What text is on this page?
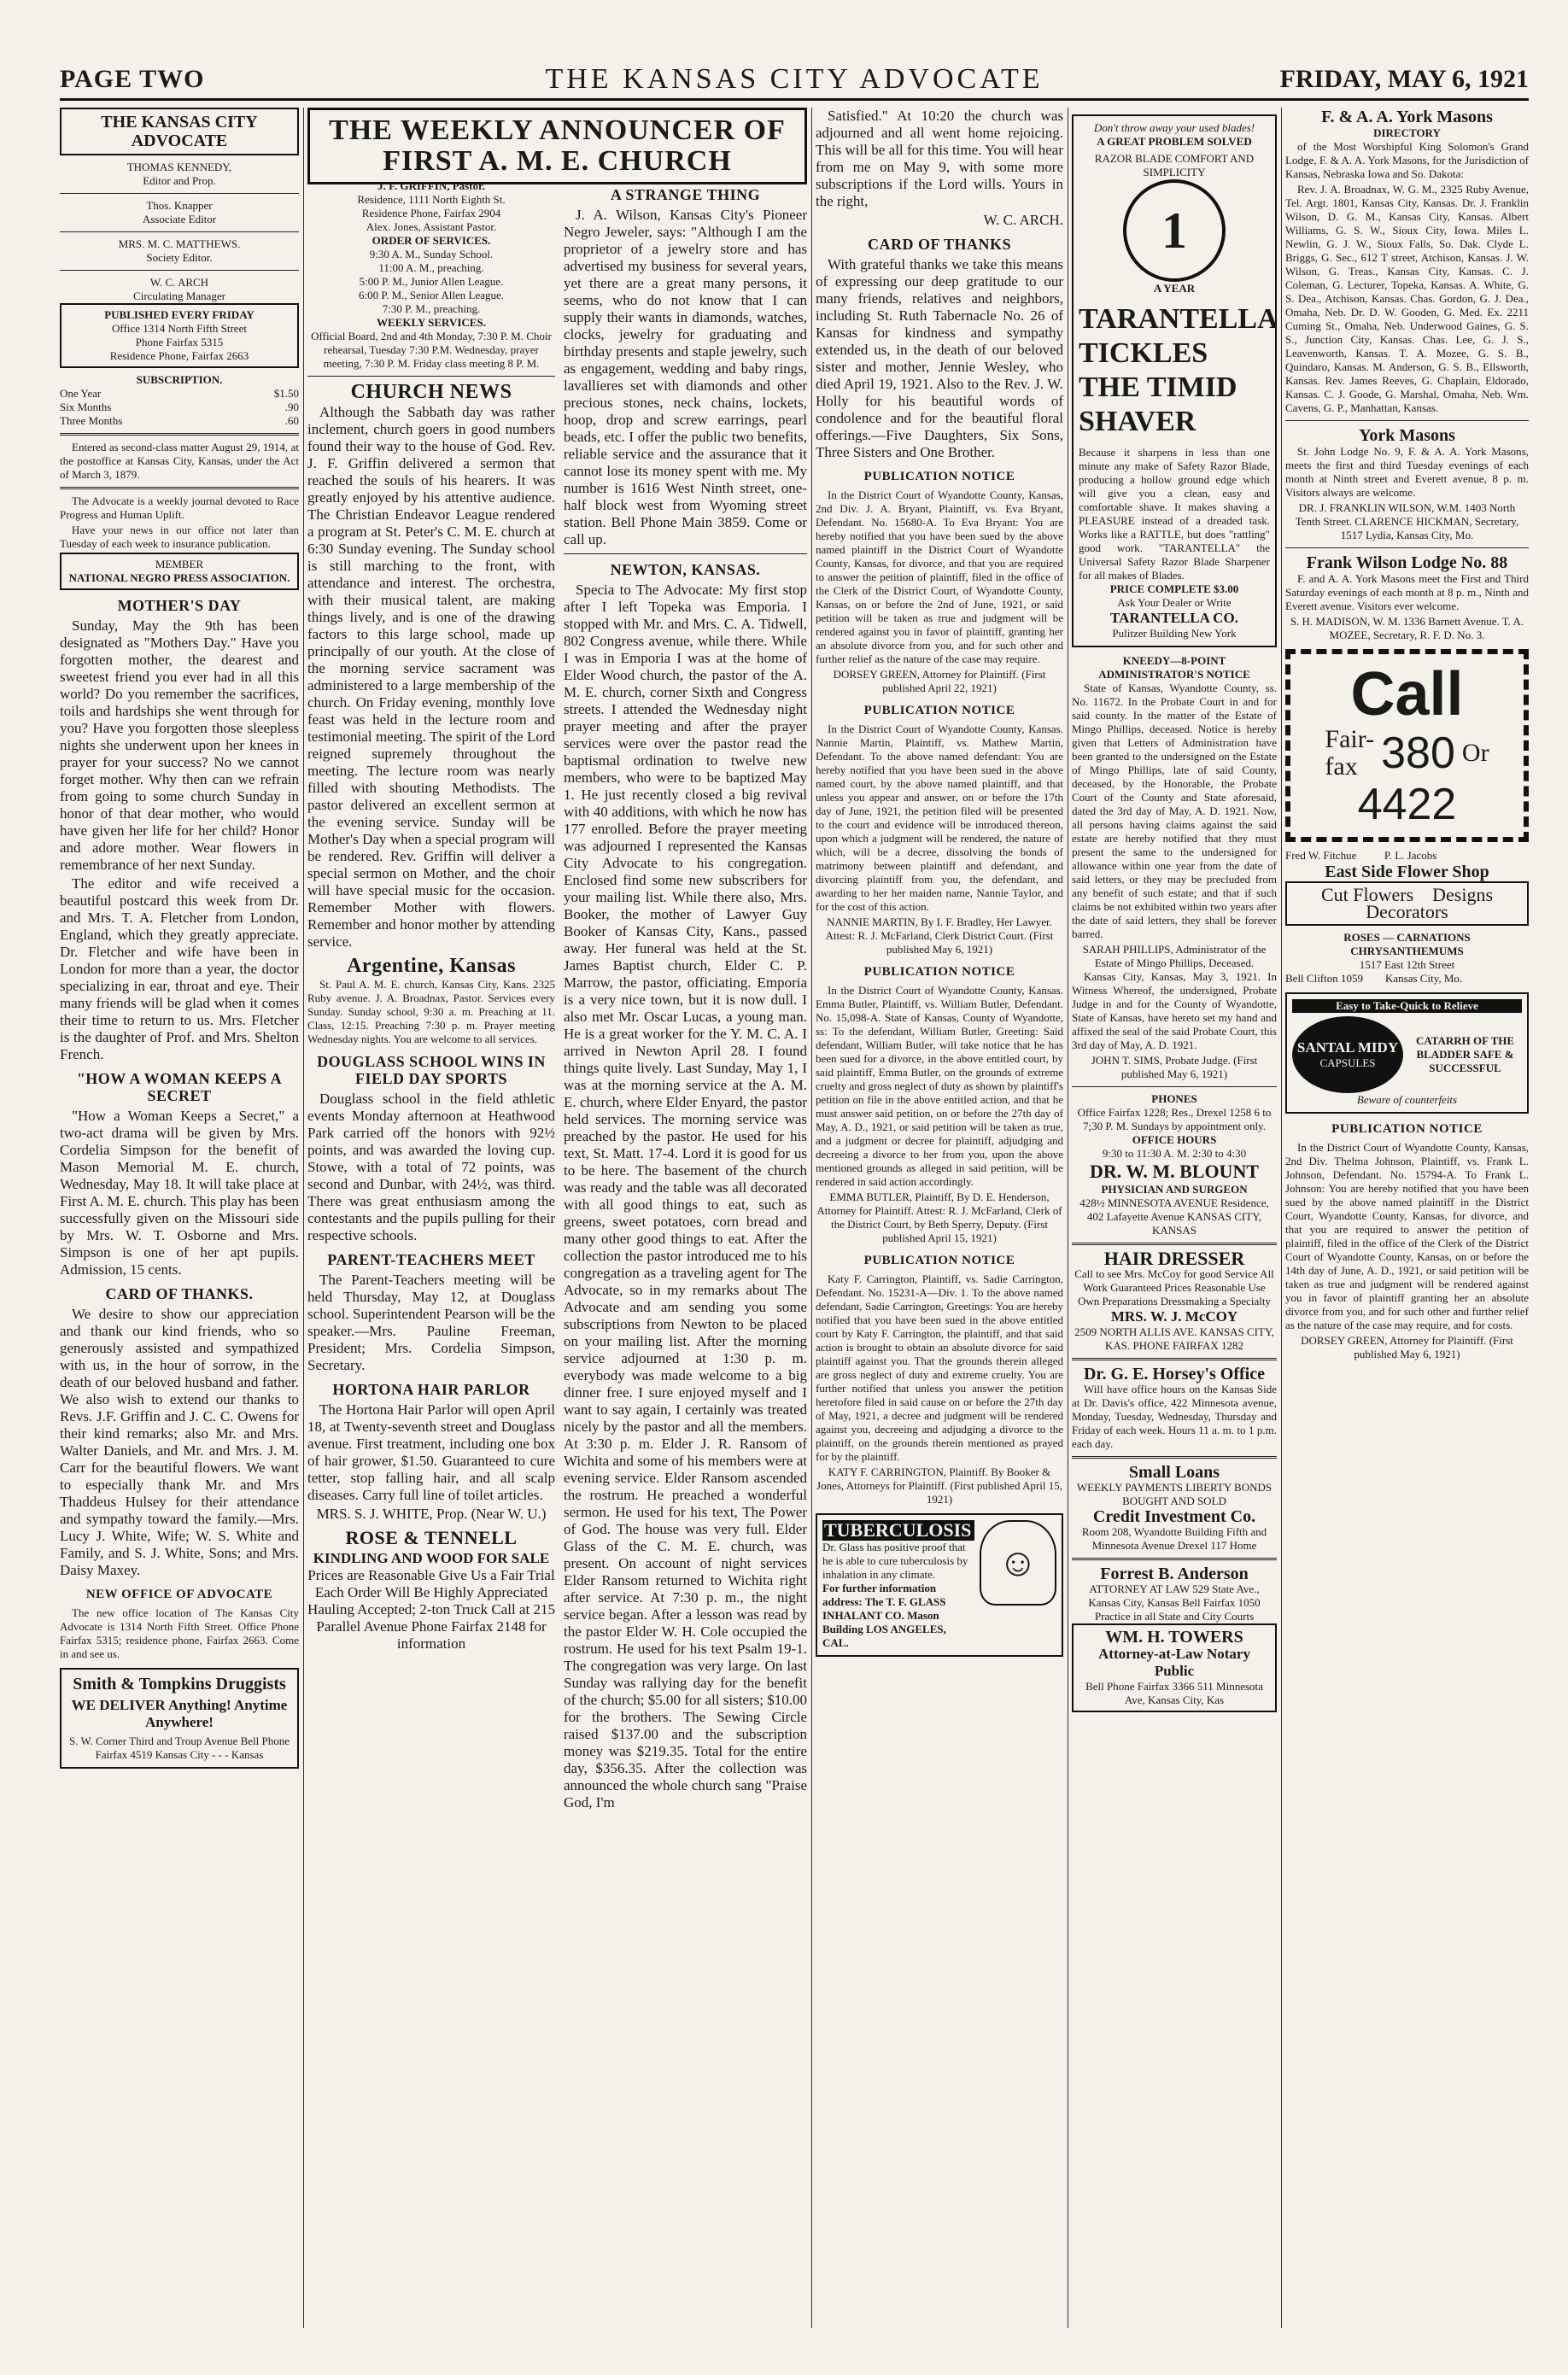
PAGE TWO	THE KANSAS CITY ADVOCATE	FRIDAY, MAY 6, 1921
THE KANSAS CITY ADVOCATE
THOMAS KENNEDY,
Editor and Prop.
Thos. Knapper
Associate Editor
MRS. M. C. MATTHEWS.
Society Editor.
W. C. ARCH
Circulating Manager
PUBLISHED EVERY FRIDAY
Office 1314 North Fifth Street
Phone Fairfax 5315
Residence Phone, Fairfax 2663
SUBSCRIPTION.
One Year	$1.50
Six Months	.90
Three Months	.60

Entered as second-class matter August 29, 1914, at the postoffice at Kansas City, Kansas, under the Act of March 3, 1879.

The Advocate is a weekly journal devoted to Race Progress and Human Uplift.

Have your news in our office not later than Tuesday of each week to insurance publication.

MEMBER
NATIONAL NEGRO PRESS ASSOCIATION.
MOTHER'S DAY

Sunday, May the 9th has been designated as "Mothers Day." Have you forgotten mother, the dearest and sweetest friend you ever had in all this world? Do you remember the sacrifices, toils and hardships she went through for you? Have you forgotten those sleepless nights she underwent upon her knees in prayer for your success? No we cannot forget mother. Why then can we refrain from going to some church Sunday in honor of that dear mother, who would have given her life for her child? Honor and adore mother. Wear flowers in remembrance of her next Sunday.

The editor and wife received a beautiful postcard this week from Dr. and Mrs. T. A. Fletcher from London, England, which they greatly appreciate. Dr. Fletcher and wife have been in London for more than a year, the doctor specializing in ear, throat and eye. Their many friends will be glad when it comes their time to return to us. Mrs. Fletcher is the daughter of Prof. and Mrs. Shelton French.

"HOW A WOMAN KEEPS A SECRET

"How a Woman Keeps a Secret," a two-act drama will be given by Mrs. Cordelia Simpson for the benefit of Mason Memorial M. E. church, Wednesday, May 18. It will take place at First A. M. E. church. This play has been successfully given on the Missouri side by Mrs. W. T. Osborne and Mrs. Simpson is one of her apt pupils. Admission, 15 cents.

CARD OF THANKS.

We desire to show our appreciation and thank our kind friends, who so generously assisted and sympathized with us, in the hour of sorrow, in the death of our beloved husband and father. We also wish to extend our thanks to Revs. J.F. Griffin and J. C. C. Owens for their kind remarks; also Mr. and Mrs. Walter Daniels, and Mr. and Mrs. J. M. Carr for the beautiful flowers. We want to especially thank Mr. and Mrs Thaddeus Hulsey for their attendance and sympathy toward the family.—Mrs. Lucy J. White, Wife; W. S. White and Family, and S. J. White, Sons; and Mrs. Daisy Maxey.

NEW OFFICE OF ADVOCATE

The new office location of The Kansas City Advocate is 1314 North Fifth Street. Office Phone Fairfax 5315; residence phone, Fairfax 2663. Come in and see us.

Smith & Tompkins Druggists
WE DELIVER Anything! Anytime Anywhere!
S. W. Corner Third and Troup Avenue Bell Phone Fairfax 4519 Kansas City - - - Kansas
THE WEEKLY ANNOUNCER OF FIRST A. M. E. CHURCH
J. F. GRIFFIN, Pastor.
Residence, 1111 North Eighth St.
Residence Phone, Fairfax 2904
Alex. Jones, Assistant Pastor.
ORDER OF SERVICES.
9:30 A. M., Sunday School.
11:00 A. M., preaching.
5:00 P. M., Junior Allen League.
6:00 P. M., Senior Allen League.
7:30 P. M., preaching.
WEEKLY SERVICES.
Official Board, 2nd and 4th Monday, 7:30 P. M. Choir rehearsal, Tuesday 7:30 P.M. Wednesday, prayer meeting, 7:30 P. M. Friday class meeting 8 P. M.
CHURCH NEWS

Although the Sabbath day was rather inclement, church goers in good numbers found their way to the house of God. Rev. J. F. Griffin delivered a sermon that reached the souls of his hearers. It was greatly enjoyed by his attentive audience. The Christian Endeavor League rendered a program at St. Peter's C. M. E. church at 6:30 Sunday evening. The Sunday school is still marching to the front, with attendance and interest. The orchestra, with their musical talent, are making things lively, and is one of the drawing factors to this large school, made up principally of our youth. At the close of the morning service sacrament was administered to a large membership of the church. On Friday evening, monthly love feast was held in the lecture room and testimonial meeting. The spirit of the Lord reigned supremely throughout the meeting. The lecture room was nearly filled with shouting Methodists. The pastor delivered an excellent sermon at the evening service. Sunday will be Mother's Day when a special program will be rendered. Rev. Griffin will deliver a special sermon on Mother, and the choir will have special music for the occasion. Remember Mother with flowers. Remember and honor mother by attending service.

Argentine, Kansas

St. Paul A. M. E. church, Kansas City, Kans. 2325 Ruby avenue. J. A. Broadnax, Pastor. Services every Sunday. Sunday school, 9:30 a. m. Preaching at 11. Class, 12:15. Preaching 7:30 p. m. Prayer meeting Wednesday nights. You are welcome to all services.

DOUGLASS SCHOOL WINS IN FIELD DAY SPORTS

Douglass school in the field athletic events Monday afternoon at Heathwood Park carried off the honors with 92½ points, and was awarded the loving cup. Stowe, with a total of 72 points, was second and Dunbar, with 24½, was third. There was great enthusiasm among the contestants and the pupils pulling for their respective schools.

PARENT-TEACHERS MEET

The Parent-Teachers meeting will be held Thursday, May 12, at Douglass school. Superintendent Pearson will be the speaker.—Mrs. Pauline Freeman, President; Mrs. Cordelia Simpson, Secretary.

HORTONA HAIR PARLOR

The Hortona Hair Parlor will open April 18, at Twenty-seventh street and Douglass avenue. First treatment, including one box of hair grower, $1.50. Guaranteed to cure tetter, stop falling hair, and all scalp diseases. Carry full line of toilet articles.

MRS. S. J. WHITE, Prop. (Near W. U.)
ROSE & TENNELL
KINDLING AND WOOD FOR SALE
Prices are Reasonable Give Us a Fair Trial Each Order Will Be Highly Appreciated Hauling Accepted; 2-ton Truck Call at 215 Parallel Avenue Phone Fairfax 2148 for information
A STRANGE THING

J. A. Wilson, Kansas City's Pioneer Negro Jeweler, says: "Although I am the proprietor of a jewelry store and has advertised my business for several years, yet there are a great many persons, it seems, who do not know that I can supply their wants in diamonds, watches, clocks, jewelry for graduating and birthday presents and staple jewelry, such as engagement, wedding and baby rings, lavallieres set with diamonds and other precious stones, neck chains, lockets, hoop, drop and screw earrings, pearl beads, etc. I offer the public two benefits, reliable service and the assurance that it cannot lose its money spent with me. My number is 1616 West Ninth street, one-half block west from Wyoming street station. Bell Phone Main 3859. Come or call up.

NEWTON, KANSAS.

Specia to The Advocate: My first stop after I left Topeka was Emporia. I stopped with Mr. and Mrs. C. A. Tidwell, 802 Congress avenue, while there. While I was in Emporia I was at the home of Elder Wood church, the pastor of the A. M. E. church, corner Sixth and Congress streets. I attended the Wednesday night prayer meeting and after the prayer services were over the pastor read the baptismal ordination to twelve new members, who were to be baptized May 1. He just recently closed a big revival with 40 additions, with which he now has 177 enrolled. Before the prayer meeting was adjourned I represented the Kansas City Advocate to his congregation. Enclosed find some new subscribers for your mailing list. While there also, Mrs. Booker, the mother of Lawyer Guy Booker of Kansas City, Kans., passed away. Her funeral was held at the St. James Baptist church, Elder C. P. Marrow, the pastor, officiating. Emporia is a very nice town, but it is now dull. I also met Mr. Oscar Lucas, a young man. He is a great worker for the Y. M. C. A. I arrived in Newton April 28. I found things quite lively. Last Sunday, May 1, I was at the morning service at the A. M. E. church, where Elder Enyard, the pastor held services. The morning service was preached by the pastor. He used for his text, St. Matt. 17-4. Lord it is good for us to be here. The basement of the church was ready and the table was all decorated with all good things to eat, such as greens, sweet potatoes, corn bread and many other good things to eat. After the collection the pastor introduced me to his congregation as a traveling agent for The Advocate, so in my remarks about The Advocate and am sending you some subscriptions from Newton to be placed on your mailing list. After the morning service adjourned at 1:30 p. m. everybody was made welcome to a big dinner free. I sure enjoyed myself and I want to say again, I certainly was treated nicely by the pastor and all the members. At 3:30 p. m. Elder J. R. Ransom of Wichita and some of his members were at evening service. Elder Ransom ascended the rostrum. He preached a wonderful sermon. He used for his text, The Power of God. The house was very full. Elder Glass of the C. M. E. church, was present. On account of night services Elder Ransom returned to Wichita right after service. At 7:30 p. m., the night service began. After a lesson was read by the pastor Elder W. H. Cole occupied the rostrum. He used for his text Psalm 19-1. The congregation was very large. On last Sunday was rallying day for the benefit of the church; $5.00 for all sisters; $10.00 for the brothers. The Sewing Circle raised $137.00 and the subscription money was $219.35. Total for the entire day, $356.35. After the collection was announced the whole church sang "Praise God, I'm

Satisfied." At 10:20 the church was adjourned and all went home rejoicing. This will be all for this time. You will hear from me on May 9, with some more subscriptions if the Lord wills. Yours in the right,

W. C. ARCH.
CARD OF THANKS

With grateful thanks we take this means of expressing our deep gratitude to our many friends, relatives and neighbors, including St. Ruth Tabernacle No. 26 of Kansas for kindness and sympathy extended us, in the death of our beloved sister and mother, Jennie Wesley, who died April 19, 1921. Also to the Rev. J. W. Holly for his beautiful words of condolence and for the beautiful floral offerings.—Five Daughters, Six Sons, Three Sisters and One Brother.

PUBLICATION NOTICE

In the District Court of Wyandotte County, Kansas, 2nd Div. J. A. Bryant, Plaintiff, vs. Eva Bryant, Defendant. No. 15680-A. To Eva Bryant: You are hereby notified that you have been sued by the above named plaintiff in the District Court of Wyandotte County, Kansas, for divorce, and that you are required to answer the petition of plaintiff, filed in the office of the Clerk of the District Court, of Wyandotte County, Kansas, on or before the 2nd of June, 1921, or said petition will be taken as true and judgment will be rendered against you in favor of plaintiff, granting her an absolute divorce from you, and for such other and further relief as the nature of the case may require.

DORSEY GREEN, Attorney for Plaintiff. (First published April 22, 1921)
PUBLICATION NOTICE

In the District Court of Wyandotte County, Kansas. Nannie Martin, Plaintiff, vs. Mathew Martin, Defendant. To the above named defendant: You are hereby notified that you have been sued in the above named court, by the above named plaintiff, and that unless you appear and answer, on or before the 17th day of June, 1921, the petition filed will be presented to the court and evidence will be introduced thereon, upon which a judgment will be rendered, the nature of which, will be a decree, dissolving the bonds of matrimony between plaintiff and defendant, and divorcing plaintiff from you, the defendant, and awarding to her her maiden name, Nannie Taylor, and for the cost of this action.

NANNIE MARTIN, By I. F. Bradley, Her Lawyer. Attest: R. J. McFarland, Clerk District Court. (First published May 6, 1921)
PUBLICATION NOTICE

In the District Court of Wyandotte County, Kansas. Emma Butler, Plaintiff, vs. William Butler, Defendant. No. 15,098-A. State of Kansas, County of Wyandotte, ss: To the defendant, William Butler, Greeting: Said defendant, William Butler, will take notice that he has been sued for a divorce, in the above entitled court, by said plaintiff, Emma Butler, on the grounds of extreme cruelty and gross neglect of duty as shown by plaintiff's petition on file in the above entitled action, and that he must answer said petition, on or before the 27th day of May, A. D., 1921, or said petition will be taken as true, and a judgment or decree for plaintiff, adjudging and decreeing a divorce to her from you, upon the above mentioned grounds as alleged in said petition, will be rendered in said action accordingly.

EMMA BUTLER, Plaintiff, By D. E. Henderson, Attorney for Plaintiff. Attest: R. J. McFarland, Clerk of the District Court, by Beth Sperry, Deputy. (First published April 15, 1921)
PUBLICATION NOTICE

Katy F. Carrington, Plaintiff, vs. Sadie Carrington, Defendant. No. 15231-A—Div. 1. To the above named defendant, Sadie Carrington, Greetings: You are hereby notified that you have been sued in the above entitled court by Katy F. Carrington, the plaintiff, and that said action is brought to obtain an absolute divorce for said plaintiff against you. That the grounds therein alleged are gross neglect of duty and extreme cruelty. You are further notified that unless you answer the petition heretofore filed in said cause on or before the 27th day of May, 1921, a decree and judgment will be rendered against you, decreeing and adjudging a divorce to the plaintiff, on the grounds therein mentioned as prayed for by the plaintiff.

KATY F. CARRINGTON, Plaintiff. By Booker & Jones, Attorneys for Plaintiff. (First published April 15, 1921)
TUBERCULOSIS
Dr. Glass has positive proof that he is able to cure tuberculosis by inhalation in any climate.
For further information address: The T. F. GLASS INHALANT CO. Mason Building LOS ANGELES, CAL.
☺
Don't throw away your used blades!
A GREAT PROBLEM SOLVED
RAZOR BLADE COMFORT AND SIMPLICITY
1
A YEAR
TARANTELLA TICKLES THE TIMID SHAVER
Because it sharpens in less than one minute any make of Safety Razor Blade, producing a hollow ground edge which will give you a clean, easy and comfortable shave. It makes shaving a PLEASURE instead of a dreaded task. Works like a RATTLE, but does "rattling" good work. "TARANTELLA" the Universal Safety Razor Blade Sharpener for all makes of Blades.
PRICE COMPLETE $3.00
Ask Your Dealer or Write
TARANTELLA CO.
Pulitzer Building New York
KNEEDY—8-POINT ADMINISTRATOR'S NOTICE

State of Kansas, Wyandotte County, ss. No. 11672. In the Probate Court in and for said county. In the matter of the Estate of Mingo Phillips, deceased. Notice is hereby given that Letters of Administration have been granted to the undersigned on the Estate of Mingo Phillips, late of said County, deceased, by the Honorable, the Probate Court of the County and State aforesaid, dated the 3rd day of May, A. D. 1921. Now, all persons having claims against the said estate are hereby notified that they must present the same to the undersigned for allowance within one year from the date of said letters, or they may be precluded from any benefit of such estate; and that if such claims be not exhibited within two years after the date of said letters, they shall be forever barred.

SARAH PHILLIPS, Administrator of the Estate of Mingo Phillips, Deceased.

Kansas City, Kansas, May 3, 1921. In Witness Whereof, the undersigned, Probate Judge in and for the County of Wyandotte, State of Kansas, have hereto set my hand and affixed the seal of the said Probate Court, this 3rd day of May, A. D. 1921.

JOHN T. SIMS, Probate Judge. (First published May 6, 1921)
PHONES
Office Fairfax 1228; Res., Drexel 1258 6 to 7;30 P. M. Sundays by appointment only.
OFFICE HOURS
9:30 to 11:30 A. M. 2:30 to 4:30
DR. W. M. BLOUNT
PHYSICIAN AND SURGEON
428½ MINNESOTA AVENUE Residence, 402 Lafayette Avenue KANSAS CITY, KANSAS
HAIR DRESSER
Call to see Mrs. McCoy for good Service All Work Guaranteed Prices Reasonable Use Own Preparations Dressmaking a Specialty
MRS. W. J. McCOY
2509 NORTH ALLIS AVE. KANSAS CITY, KAS. PHONE FAIRFAX 1282
Dr. G. E. Horsey's Office

Will have office hours on the Kansas Side at Dr. Davis's office, 422 Minnesota avenue, Monday, Tuesday, Wednesday, Thursday and Friday of each week. Hours 11 a. m. to 1 p.m. each day.

Small Loans
WEEKLY PAYMENTS LIBERTY BONDS BOUGHT AND SOLD
Credit Investment Co.
Room 208, Wyandotte Building Fifth and Minnesota Avenue Drexel 117 Home
Forrest B. Anderson
ATTORNEY AT LAW 529 State Ave., Kansas City, Kansas Bell Fairfax 1050 Practice in all State and City Courts
WM. H. TOWERS
Attorney-at-Law Notary Public
Bell Phone Fairfax 3366 511 Minnesota Ave, Kansas City, Kas
F. & A. A. York Masons
DIRECTORY

of the Most Worshipful King Solomon's Grand Lodge, F. & A. A. York Masons, for the Jurisdiction of Kansas, Nebraska Iowa and So. Dakota:

Rev. J. A. Broadnax, W. G. M., 2325 Ruby Avenue, Tel. Argt. 1801, Kansas City, Kansas. Dr. J. Franklin Wilson, D. G. M., Kansas City, Kansas. Albert Williams, G. S. W., Sioux City, Iowa. Miles L. Newlin, G. J. W., Sioux Falls, So. Dak. Clyde L. Briggs, G. Sec., 612 T street, Atchison, Kansas. J. W. Wilson, G. Treas., Kansas City, Kansas. C. J. Coleman, G. Lecturer, Topeka, Kansas. A. White, G. S. Dea., Atchison, Kansas. Chas. Gordon, G. J. Dea., Omaha, Neb. Dr. D. W. Gooden, G. Med. Ex. 2211 Cuming St., Omaha, Neb. Underwood Gaines, G. S. S., Junction City, Kansas. Chas. Lee, G. J. S., Leavenworth, Kansas. T. A. Mozee, G. S. B., Quindaro, Kansas. M. Anderson, G. S. B., Ellsworth, Kansas. Rev. James Reeves, G. Chaplain, Eldorado, Kansas. C. J. Goode, G. Marshal, Omaha, Neb. Wm. Cavens, G. P., Manhattan, Kansas.

York Masons

St. John Lodge No. 9, F. & A. A. York Masons, meets the first and third Tuesday evenings of each month at Ninth street and Everett avenue, 8 p. m. Visitors always are welcome.

DR. J. FRANKLIN WILSON, W.M. 1403 North Tenth Street. CLARENCE HICKMAN, Secretary, 1517 Lydia, Kansas City, Mo.
Frank Wilson Lodge No. 88

F. and A. A. York Masons meet the First and Third Saturday evenings of each month at 8 p. m., Ninth and Everett avenue. Visitors ever welcome.

S. H. MADISON, W. M. 1336 Barnett Avenue. T. A. MOZEE, Secretary, R. F. D. No. 3.
Call
Fair-
fax 380 Or
4422
Fred W. Fitchue          P. L. Jacobs
East Side Flower Shop
Cut Flowers    Designs
Decorators
ROSES — CARNATIONS
CHRYSANTHEMUMS
1517 East 12th Street
Bell Clifton 1059        Kansas City, Mo.
Easy to Take-Quick to Relieve
SANTAL MIDY
CAPSULES
CATARRH OF THE BLADDER SAFE & SUCCESSFUL
Beware of counterfeits
PUBLICATION NOTICE

In the District Court of Wyandotte County, Kansas, 2nd Div. Thelma Johnson, Plaintiff, vs. Frank L. Johnson, Defendant. No. 15794-A. To Frank L. Johnson: You are hereby notified that you have been sued by the above named plaintiff in the District Court, Wyandotte County, Kansas, for divorce, and that you are required to answer the petition of plaintiff, filed in the office of the Clerk of the District Court of Wyandotte County, Kansas, on or before the 14th day of June, A. D., 1921, or said petition will be taken as true and judgment will be rendered against you in favor of plaintiff granting her an absolute divorce from you, and for such other and further relief as the nature of the case may require, and for costs.

DORSEY GREEN, Attorney for Plaintiff. (First published May 6, 1921)
